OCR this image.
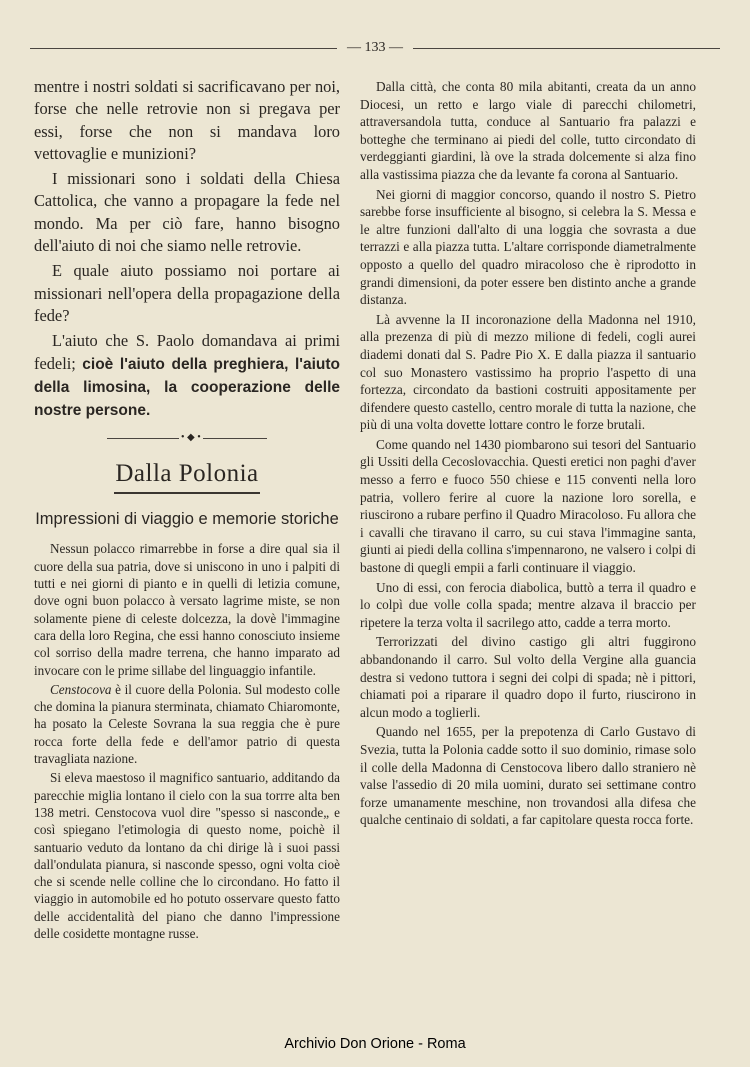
— 133 —

mentre i nostri soldati si sacrificavano per noi, forse che nelle retrovie non si pregava per essi, forse che non si mandava loro vettovaglie e munizioni?

I missionari sono i soldati della Chiesa Cattolica, che vanno a propagare la fede nel mondo. Ma per ciò fare, hanno bisogno dell'aiuto di noi che siamo nelle retrovie.

E quale aiuto possiamo noi portare ai missionari nell'opera della propagazione della fede?

L'aiuto che S. Paolo domandava ai primi fedeli; cioè l'aiuto della preghiera, l'aiuto della limosina, la cooperazione delle nostre persone.

• ◆ •
Dalla Polonia
Impressioni di viaggio e memorie storiche

Nessun polacco rimarrebbe in forse a dire qual sia il cuore della sua patria, dove si uniscono in uno i palpiti di tutti e nei giorni di pianto e in quelli di letizia comune, dove ogni buon polacco à versato lagrime miste, se non solamente piene di celeste dolcezza, la dovè l'immagine cara della loro Regina, che essi hanno conosciuto insieme col sorriso della madre terrena, che hanno imparato ad invocare con le prime sillabe del linguaggio infantile.

Censtocova è il cuore della Polonia. Sul modesto colle che domina la pianura sterminata, chiamato Chiaromonte, ha posato la Celeste Sovrana la sua reggia che è pure rocca forte della fede e dell'amor patrio di questa travagliata nazione.

Si eleva maestoso il magnifico santuario, additando da parecchie miglia lontano il cielo con la sua torrre alta ben 138 metri. Censtocova vuol dire "spesso si nasconde„ e così spiegano l'etimologia di questo nome, poichè il santuario veduto da lontano da chi dirige là i suoi passi dall'ondulata pianura, si nasconde spesso, ogni volta cioè che si scende nelle colline che lo circondano. Ho fatto il viaggio in automobile ed ho potuto osservare questo fatto delle accidentalità del piano che danno l'impressione delle cosidette montagne russe.

Dalla città, che conta 80 mila abitanti, creata da un anno Diocesi, un retto e largo viale di parecchi chilometri, attraversandola tutta, conduce al Santuario fra palazzi e botteghe che terminano ai piedi del colle, tutto circondato di verdeggianti giardini, là ove la strada dolcemente si alza fino alla vastissima piazza che da levante fa corona al Santuario.

Nei giorni di maggior concorso, quando il nostro S. Pietro sarebbe forse insufficiente al bisogno, si celebra la S. Messa e le altre funzioni dall'alto di una loggia che sovrasta a due terrazzi e alla piazza tutta. L'altare corrisponde diametralmente opposto a quello del quadro miracoloso che è riprodotto in grandi dimensioni, da poter essere ben distinto anche a grande distanza.

Là avvenne la II incoronazione della Madonna nel 1910, alla prezenza di più di mezzo milione di fedeli, cogli aurei diademi donati dal S. Padre Pio X. E dalla piazza il santuario col suo Monastero vastissimo ha proprio l'aspetto di una fortezza, circondato da bastioni costruiti appositamente per difendere questo castello, centro morale di tutta la nazione, che più di una volta dovette lottare contro le forze brutali.

Come quando nel 1430 piombarono sui tesori del Santuario gli Ussiti della Cecoslovacchia. Questi eretici non paghi d'aver messo a ferro e fuoco 550 chiese e 115 conventi nella loro patria, vollero ferire al cuore la nazione loro sorella, e riuscirono a rubare perfino il Quadro Miracoloso. Fu allora che i cavalli che tiravano il carro, su cui stava l'immagine santa, giunti ai piedi della collina s'impennarono, ne valsero i colpi di bastone di quegli empii a farli continuare il viaggio.

Uno di essi, con ferocia diabolica, buttò a terra il quadro e lo colpì due volle colla spada; mentre alzava il braccio per ripetere la terza volta il sacrilego atto, cadde a terra morto.

Terrorizzati del divino castigo gli altri fuggirono abbandonando il carro. Sul volto della Vergine alla guancia destra si vedono tuttora i segni dei colpi di spada; nè i pittori, chiamati poi a riparare il quadro dopo il furto, riuscirono in alcun modo a toglierli.

Quando nel 1655, per la prepotenza di Carlo Gustavo di Svezia, tutta la Polonia cadde sotto il suo dominio, rimase solo il colle della Madonna di Censtocova libero dallo straniero nè valse l'assedio di 20 mila uomini, durato sei settimane contro forze umanamente meschine, non trovandosi alla difesa che qualche centinaio di soldati, a far capitolare questa rocca forte.

Archivio Don Orione - Roma
